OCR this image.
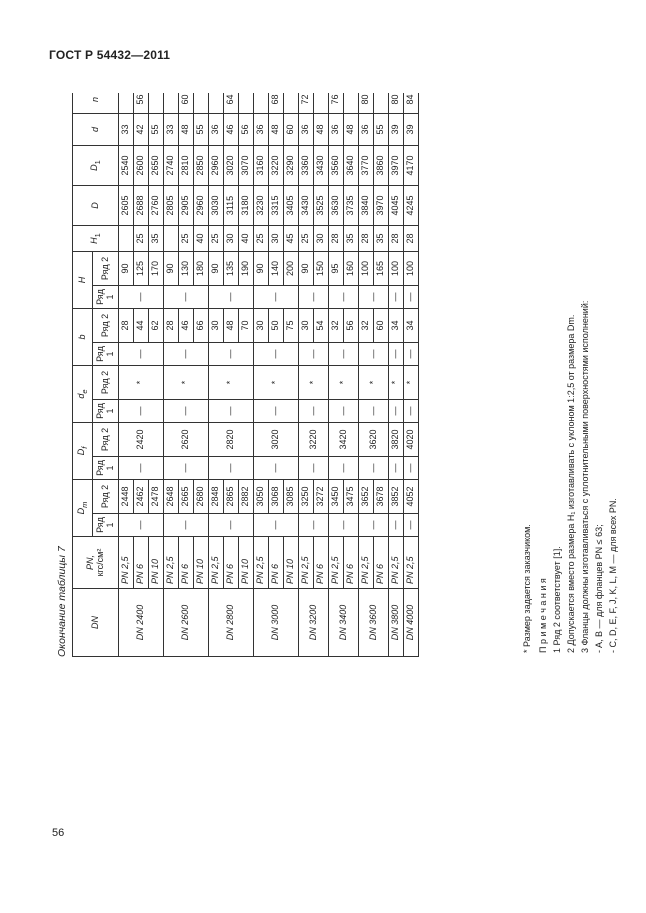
ГОСТ Р 54432—2011
Окончание таблицы 7 DN	PN,
кгс/см²	$D_m$		$D_f$		$d_e$		b		H		$H_1$	D	$D_1$	d	n	
		Ряд 1	Ряд 2	Ряд 1	Ряд 2	Ряд 1	Ряд 2	Ряд 1	Ряд 2	Ряд 1	Ряд 2						
DN 2400	PN 2,5	—	2448	—	2420	—	*	—	28	—	90		2605	2540	33		
	PN 6		2462						44		125	25	2688	2600	42	56	
	PN 10		2478						62		170	35	2760	2650	55		
DN 2600	PN 2,5	—	2648	—	2620	—	*	—	28	—	90		2805	2740	33		
	PN 6		2665						46		130	25	2905	2810	48	60	
	PN 10		2680						66		180	40	2960	2850	55		
DN 2800	PN 2,5	—	2848	—	2820	—	*	—	30	—	90	25	3030	2960	36		
	PN 6		2865						48		135	30	3115	3020	46	64	
	PN 10		2882						70		190	40	3180	3070	56		
DN 3000	PN 2,5	—	3050	—	3020	—	*	—	30	—	90	25	3230	3160	36		
	PN 6		3068						50		140	30	3315	3220	48	68	
	PN 10		3085						75		200	45	3405	3290	60		
DN 3200	PN 2,5	—	3250	—	3220	—	*	—	30	—	90	25	3430	3360	36	72	
	PN 6		3272						54		150	30	3525	3430	48		
DN 3400	PN 2,5	—	3450	—	3420	—	*	—	32	—	95	28	3630	3560	36	76	
	PN 6		3475						56		160	35	3735	3640	48		
DN 3600	PN 2,5	—	3652	—	3620	—	*	—	32	—	100	28	3840	3770	36	80	
	PN 6		3678						60		165	35	3970	3860	55		
DN 3800	PN 2,5	—	3852	—	3820	—	*	—	34	—	100	28	4045	3970	39	80	
DN 4000	PN 2,5	—	4052	—	4020	—	*	—	34	—	100	28	4245	4170	39	84	
* Размер задается заказчиком. П р и м е ч а н и я 1 Ряд 2 соответствует [1]. 2 Допускается вместо размера H₁ изготавливать с уклоном 1:2,5 от размера Dm. 3 Фланцы должны изготавливаться с уплотнительными поверхностями исполнений: - A, B — для фланцев PN ≤ 63; - C, D, E, F, J, K, L, M — для всех PN.
56
